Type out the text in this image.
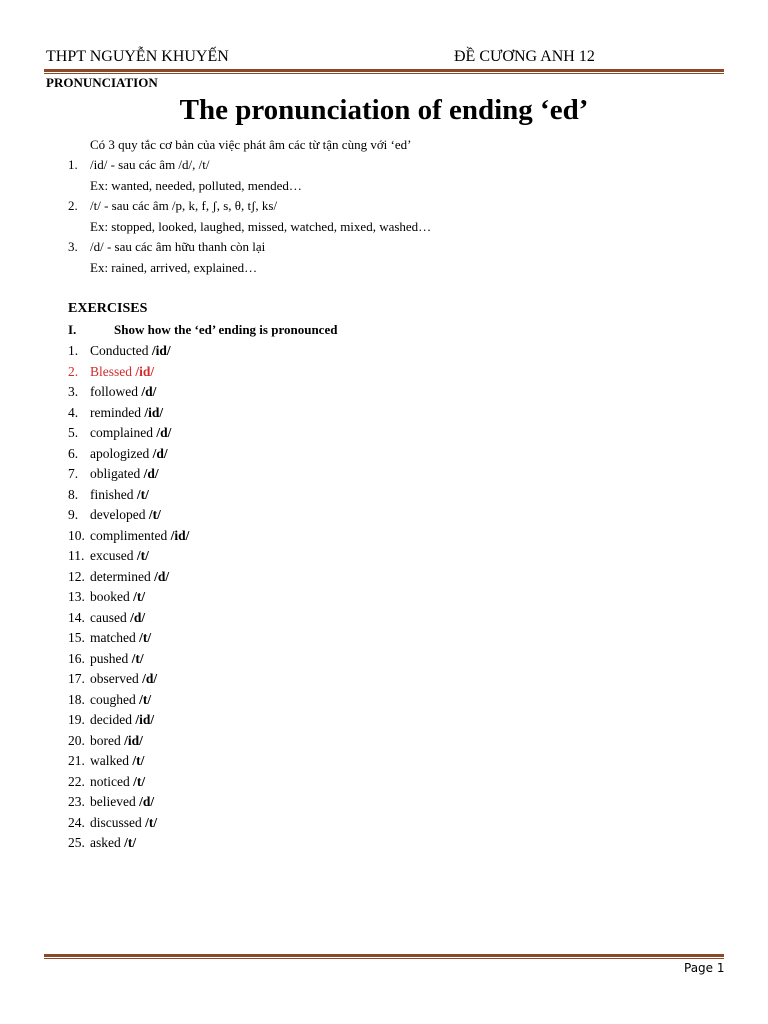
THPT NGUYỄN KHUYẾN	ĐỀ CƯƠNG ANH 12
PRONUNCIATION
The pronunciation of ending ‘ed’
Có 3 quy tắc cơ bản của việc phát âm các từ tận cùng với ‘ed’
1. /id/ - sau các âm /d/, /t/
Ex: wanted, needed, polluted, mended…
2. /t/ - sau các âm /p, k, f, ʃ, s, θ, tʃ, ks/
Ex: stopped, looked, laughed, missed, watched, mixed, washed…
3. /d/ - sau các âm hữu thanh còn lại
Ex: rained, arrived, explained…
EXERCISES
I.	Show how the ‘ed’ ending is pronounced
1. Conducted /id/
2. Blessed /id/
3. followed /d/
4. reminded /id/
5. complained /d/
6. apologized /d/
7. obligated /d/
8. finished /t/
9. developed /t/
10. complimented /id/
11. excused /t/
12. determined /d/
13. booked /t/
14. caused /d/
15. matched /t/
16. pushed /t/
17. observed /d/
18. coughed /t/
19. decided /id/
20. bored /id/
21. walked /t/
22. noticed /t/
23. believed /d/
24. discussed /t/
25. asked /t/
Page 1
